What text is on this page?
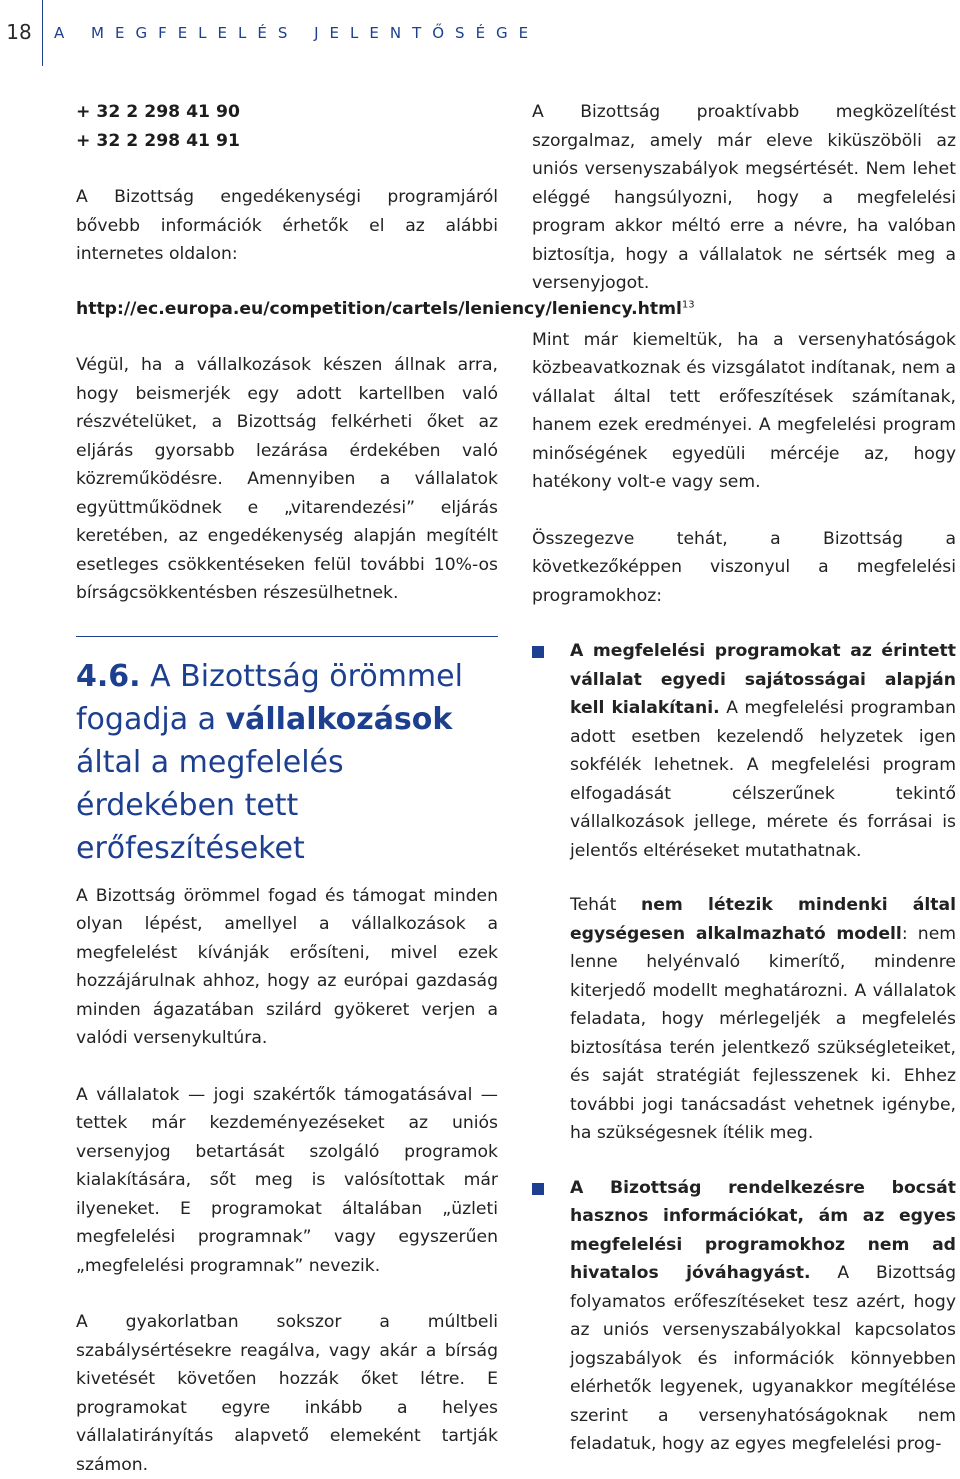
18	A MEGFELELÉS JELENTŐSÉGE

+ 32 2 298 41 90

+ 32 2 298 41 91

A Bizottság engedékenységi programjáról bővebb információk érhetők el az alábbi internetes oldalon:

http://ec.europa.eu/competition/cartels/leniency/leniency.html$^{13}$

Végül, ha a vállalkozások készen állnak arra, hogy beismerjék egy adott kartellben való részvételüket, a Bizottság felkérheti őket az eljárás gyorsabb lezárása érdekében való közreműködésre. Amennyiben a vállalatok együttműködnek e „vitarendezési” eljárás keretében, az engedékenység alapján megítélt esetleges csökkentéseken felül további 10%-os bírságcsökkentésben részesülhetnek.

4.6. A Bizottság örömmel fogadja a vállalkozások által a megfelelés érdekében tett erőfeszítéseket

A Bizottság örömmel fogad és támogat minden olyan lépést, amellyel a vállalkozások a megfelelést kívánják erősíteni, mivel ezek hozzájárulnak ahhoz, hogy az európai gazdaság minden ágazatában szilárd gyökeret verjen a valódi versenykultúra.

A vállalatok — jogi szakértők támogatásával — tettek már kezdeményezéseket az uniós versenyjog betartását szolgáló programok kialakítására, sőt meg is valósítottak már ilyeneket. E programokat általában „üzleti megfelelési programnak” vagy egyszerűen „megfelelési programnak” nevezik.

A gyakorlatban sokszor a múltbeli szabálysértésekre reagálva, vagy akár a bírság kivetését követően hozzák őket létre. E programokat egyre inkább a helyes vállalatirányítás alapvető elemeként tartják számon.

A Bizottság proaktívabb megközelítést szorgalmaz, amely már eleve kiküszöböli az uniós versenyszabályok megsértését. Nem lehet eléggé hangsúlyozni, hogy a megfelelési program akkor méltó erre a névre, ha valóban biztosítja, hogy a vállalatok ne sértsék meg a versenyjogot.

Mint már kiemeltük, ha a versenyhatóságok közbeavatkoznak és vizsgálatot indítanak, nem a vállalat által tett erőfeszítések számítanak, hanem ezek eredményei. A megfelelési program minőségének egyedüli mércéje az, hogy hatékony volt-e vagy sem.

Összegezve tehát, a Bizottság a következőképpen viszonyul a megfelelési programokhoz:

A megfelelési programokat az érintett vállalat egyedi sajátosságai alapján kell kialakítani. A megfelelési programban adott esetben kezelendő helyzetek igen sokfélék lehetnek. A megfelelési program elfogadását célszerűnek tekintő vállalkozások jellege, mérete és forrásai is jelentős eltéréseket mutathatnak.

Tehát nem létezik mindenki által egységesen alkalmazható modell: nem lenne helyénvaló kimerítő, mindenre kiterjedő modellt meghatározni. A vállalatok feladata, hogy mérlegeljék a megfelelés biztosítása terén jelentkező szükségleteiket, és saját stratégiát fejlesszenek ki. Ehhez további jogi tanácsadást vehetnek igénybe, ha szükségesnek ítélik meg.

A Bizottság rendelkezésre bocsát hasznos információkat, ám az egyes megfelelési programokhoz nem ad hivatalos jóváhagyást. A Bizottság folyamatos erőfeszítéseket tesz azért, hogy az uniós versenyszabályokkal kapcsolatos jogszabályok és információk könnyebben elérhetők legyenek, ugyanakkor megítélése szerint a versenyhatóságoknak nem feladatuk, hogy az egyes megfelelési prog-
